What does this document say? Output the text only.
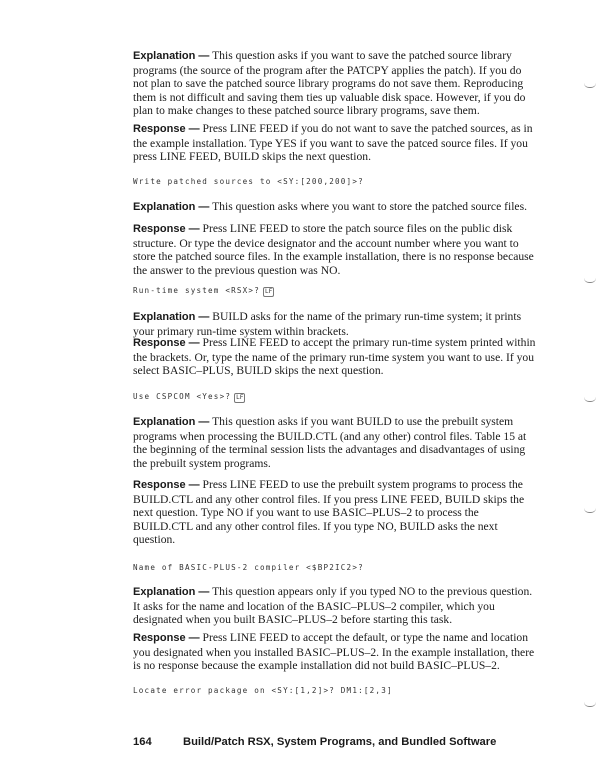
Explanation — This question asks if you want to save the patched source library programs (the source of the program after the PATCPY applies the patch). If you do not plan to save the patched source library programs do not save them. Reproducing them is not difficult and saving them ties up valuable disk space. However, if you do plan to make changes to these patched source library programs, save them.

Response — Press LINE FEED if you do not want to save the patched sources, as in the example installation. Type YES if you want to save the patced source files. If you press LINE FEED, BUILD skips the next question.

Write patched sources to <SY:[200,200]>?

Explanation — This question asks where you want to store the patched source files.

Response — Press LINE FEED to store the patch source files on the public disk structure. Or type the device designator and the account number where you want to store the patched source files. In the example installation, there is no response because the answer to the previous question was NO.

Run-time system <RSX>? LF

Explanation — BUILD asks for the name of the primary run-time system; it prints your primary run-time system within brackets.

Response — Press LINE FEED to accept the primary run-time system printed within the brackets. Or, type the name of the primary run-time system you want to use. If you select BASIC–PLUS, BUILD skips the next question.

Use CSPCOM <Yes>? LF

Explanation — This question asks if you want BUILD to use the prebuilt system programs when processing the BUILD.CTL (and any other) control files. Table 15 at the beginning of the terminal session lists the advantages and disadvantages of using the prebuilt system programs.

Response — Press LINE FEED to use the prebuilt system programs to process the BUILD.CTL and any other control files. If you press LINE FEED, BUILD skips the next question. Type NO if you want to use BASIC–PLUS–2 to process the BUILD.CTL and any other control files. If you type NO, BUILD asks the next question.

Name of BASIC-PLUS-2 compiler <$BP2IC2>?

Explanation — This question appears only if you typed NO to the previous question. It asks for the name and location of the BASIC–PLUS–2 compiler, which you designated when you built BASIC–PLUS–2 before starting this task.

Response — Press LINE FEED to accept the default, or type the name and location you designated when you installed BASIC–PLUS–2. In the example installation, there is no response because the example installation did not build BASIC–PLUS–2.

Locate error package on <SY:[1,2]>? DM1:[2,3]
164	Build/Patch RSX, System Programs, and Bundled Software
